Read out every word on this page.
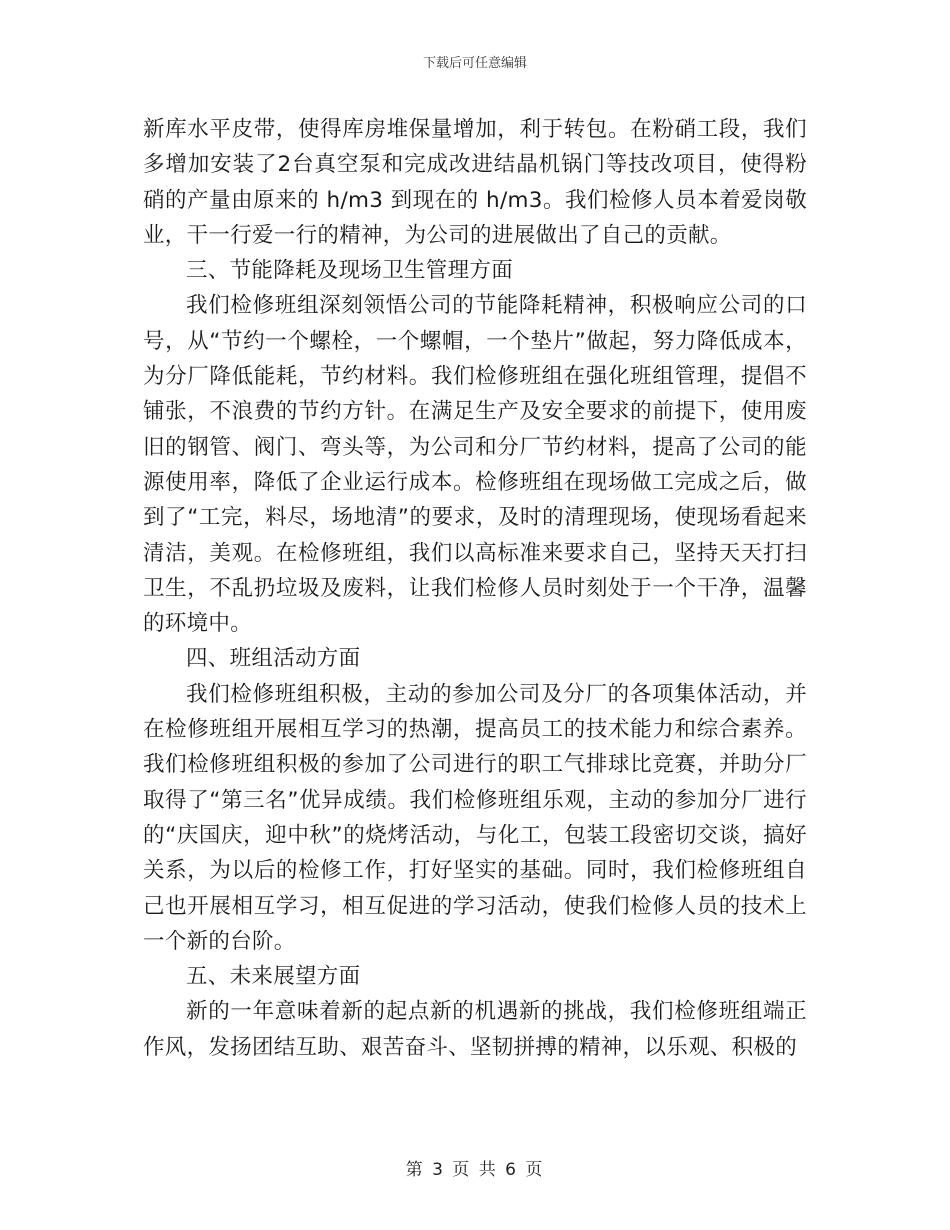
下载后可任意编辑

新库水平皮带，使得库房堆保量增加，利于转包。在粉硝工段，我们多增加安装了2台真空泵和完成改进结晶机锅门等技改项目，使得粉硝的产量由原来的 h/m3 到现在的 h/m3。我们检修人员本着爱岗敬业，干一行爱一行的精神，为公司的进展做出了自己的贡献。

三、节能降耗及现场卫生管理方面

我们检修班组深刻领悟公司的节能降耗精神，积极响应公司的口号，从“节约一个螺栓，一个螺帽，一个垫片”做起，努力降低成本，为分厂降低能耗，节约材料。我们检修班组在强化班组管理，提倡不铺张，不浪费的节约方针。在满足生产及安全要求的前提下，使用废旧的钢管、阀门、弯头等，为公司和分厂节约材料，提高了公司的能源使用率，降低了企业运行成本。检修班组在现场做工完成之后，做到了“工完，料尽，场地清”的要求，及时的清理现场，使现场看起来清洁，美观。在检修班组，我们以高标准来要求自己，坚持天天打扫卫生，不乱扔垃圾及废料，让我们检修人员时刻处于一个干净，温馨的环境中。

四、班组活动方面

我们检修班组积极，主动的参加公司及分厂的各项集体活动，并在检修班组开展相互学习的热潮，提高员工的技术能力和综合素养。我们检修班组积极的参加了公司进行的职工气排球比竞赛，并助分厂取得了“第三名”优异成绩。我们检修班组乐观，主动的参加分厂进行的“庆国庆，迎中秋”的烧烤活动，与化工，包装工段密切交谈，搞好关系，为以后的检修工作，打好坚实的基础。同时，我们检修班组自己也开展相互学习，相互促进的学习活动，使我们检修人员的技术上一个新的台阶。

五、未来展望方面

新的一年意味着新的起点新的机遇新的挑战，我们检修班组端正作风，发扬团结互助、艰苦奋斗、坚韧拼搏的精神，以乐观、积极的

第 3 页 共 6 页
